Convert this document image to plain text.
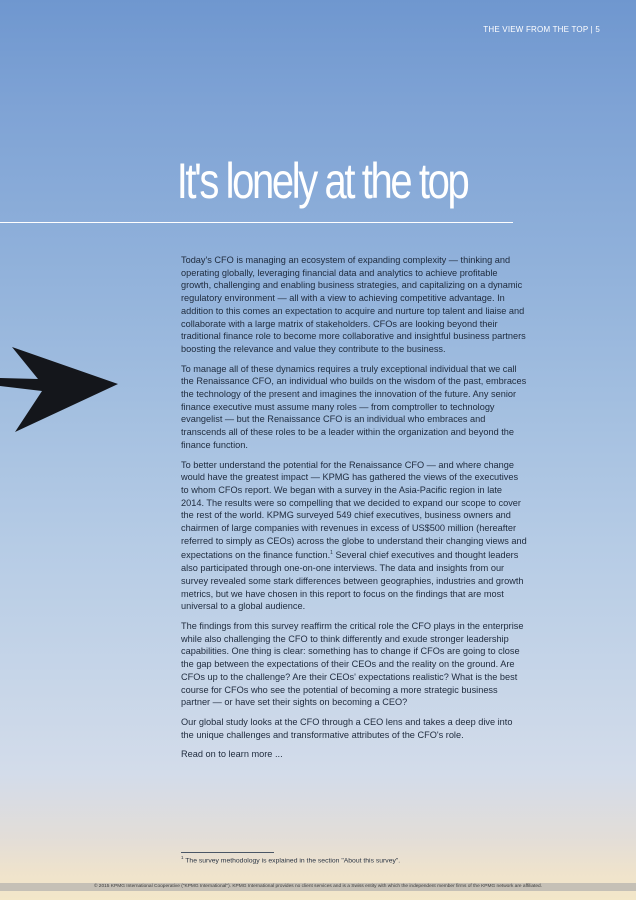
THE VIEW FROM THE TOP | 5
It's lonely at the top

Today's CFO is managing an ecosystem of expanding complexity — thinking and operating globally, leveraging financial data and analytics to achieve profitable growth, challenging and enabling business strategies, and capitalizing on a dynamic regulatory environment — all with a view to achieving competitive advantage. In addition to this comes an expectation to acquire and nurture top talent and liaise and collaborate with a large matrix of stakeholders. CFOs are looking beyond their traditional finance role to become more collaborative and insightful business partners boosting the relevance and value they contribute to the business.

To manage all of these dynamics requires a truly exceptional individual that we call the Renaissance CFO, an individual who builds on the wisdom of the past, embraces the technology of the present and imagines the innovation of the future. Any senior finance executive must assume many roles — from comptroller to technology evangelist — but the Renaissance CFO is an individual who embraces and transcends all of these roles to be a leader within the organization and beyond the finance function.

To better understand the potential for the Renaissance CFO — and where change would have the greatest impact — KPMG has gathered the views of the executives to whom CFOs report. We began with a survey in the Asia-Pacific region in late 2014. The results were so compelling that we decided to expand our scope to cover the rest of the world. KPMG surveyed 549 chief executives, business owners and chairmen of large companies with revenues in excess of US$500 million (hereafter referred to simply as CEOs) across the globe to understand their changing views and expectations on the finance function.$^1$ Several chief executives and thought leaders also participated through one-on-one interviews. The data and insights from our survey revealed some stark differences between geographies, industries and growth metrics, but we have chosen in this report to focus on the findings that are most universal to a global audience.

The findings from this survey reaffirm the critical role the CFO plays in the enterprise while also challenging the CFO to think differently and exude stronger leadership capabilities. One thing is clear: something has to change if CFOs are going to close the gap between the expectations of their CEOs and the reality on the ground. Are CFOs up to the challenge? Are their CEOs' expectations realistic? What is the best course for CFOs who see the potential of becoming a more strategic business partner — or have set their sights on becoming a CEO?

Our global study looks at the CFO through a CEO lens and takes a deep dive into the unique challenges and transformative attributes of the CFO's role.

Read on to learn more ...

$^1$ The survey methodology is explained in the section "About this survey".
© 2015 KPMG International Cooperative ("KPMG International"). KPMG International provides no client services and is a Swiss entity with which the independent member firms of the KPMG network are affiliated.
